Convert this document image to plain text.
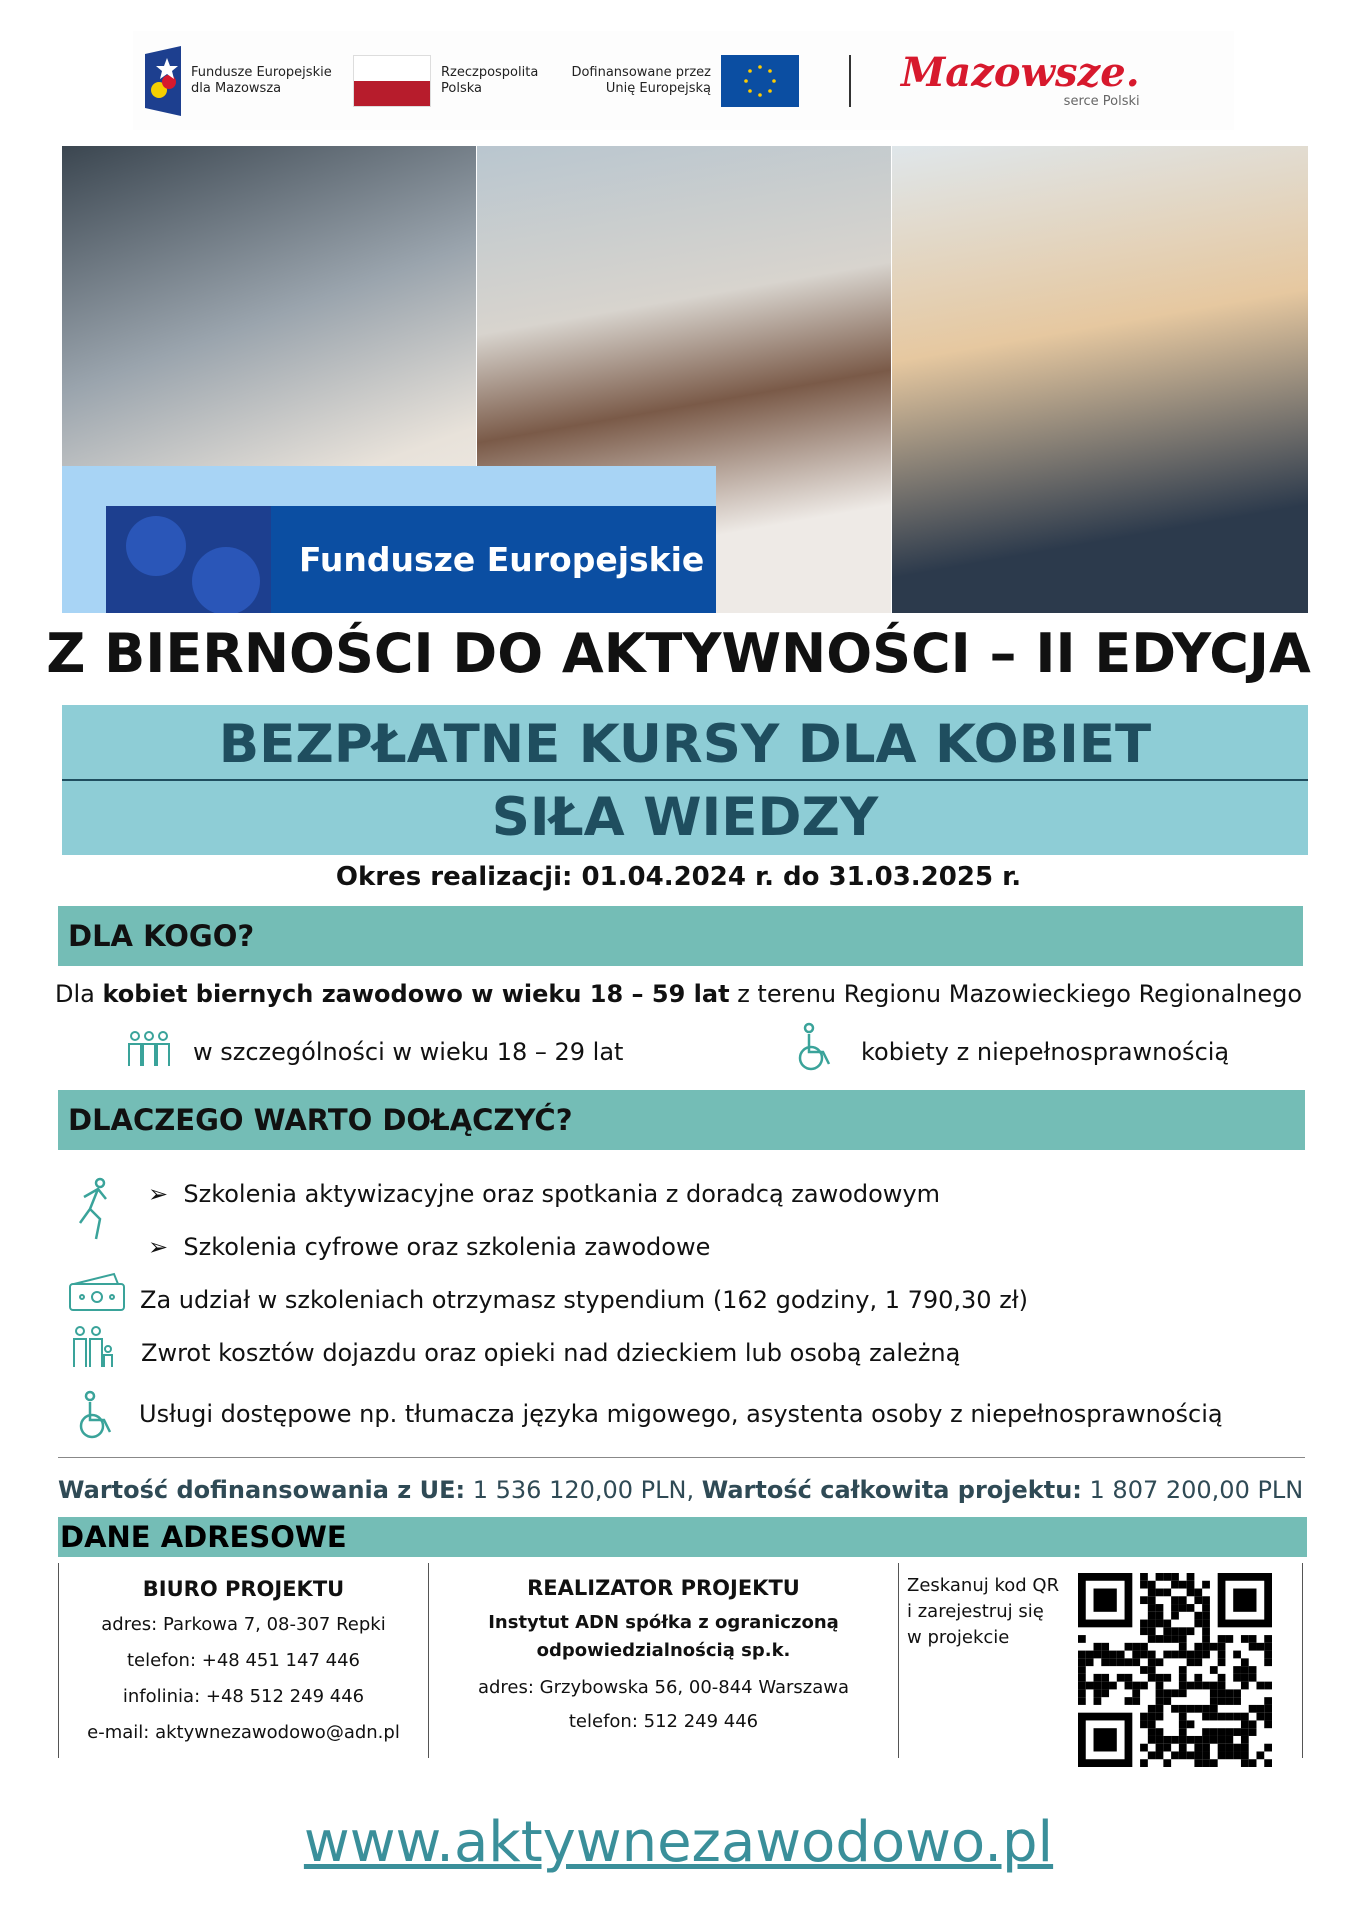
Fundusze Europejskie
dla Mazowsza
Rzeczpospolita
Polska
Dofinansowane przez
Unię Europejską	Mazowsze.
serce Polski
Fundusze Europejskie
Z BIERNOŚCI DO AKTYWNOŚCI – II EDYCJA
BEZPŁATNE KURSY DLA KOBIET
SIŁA WIEDZY
Okres realizacji: 01.04.2024 r. do 31.03.2025 r.
DLA KOGO?
Dla kobiet biernych zawodowo w wieku 18 – 59 lat z terenu Regionu Mazowieckiego Regionalnego
w szczególności w wieku 18 – 29 lat	kobiety z niepełnosprawnością
DLACZEGO WARTO DOŁĄCZYĆ?
➢  Szkolenia aktywizacyjne oraz spotkania z doradcą zawodowym
➢  Szkolenia cyfrowe oraz szkolenia zawodowe
Za udział w szkoleniach otrzymasz stypendium (162 godziny, 1 790,30 zł)
Zwrot kosztów dojazdu oraz opieki nad dzieckiem lub osobą zależną
Usługi dostępowe np. tłumacza języka migowego, asystenta osoby z niepełnosprawnością
Wartość dofinansowania z UE: 1 536 120,00 PLN, Wartość całkowita projektu: 1 807 200,00 PLN
DANE ADRESOWE
BIURO PROJEKTU
adres: Parkowa 7, 08-307 Repki
telefon: +48 451 147 446
infolinia: +48 512 249 446
e-mail: aktywnezawodowo@adn.pl
REALIZATOR PROJEKTU
Instytut ADN spółka z ograniczoną
odpowiedzialnością sp.k.
adres: Grzybowska 56, 00-844 Warszawa
telefon: 512 249 446
Zeskanuj kod QR
i zarejestruj się
w projekcie
www.aktywnezawodowo.pl
